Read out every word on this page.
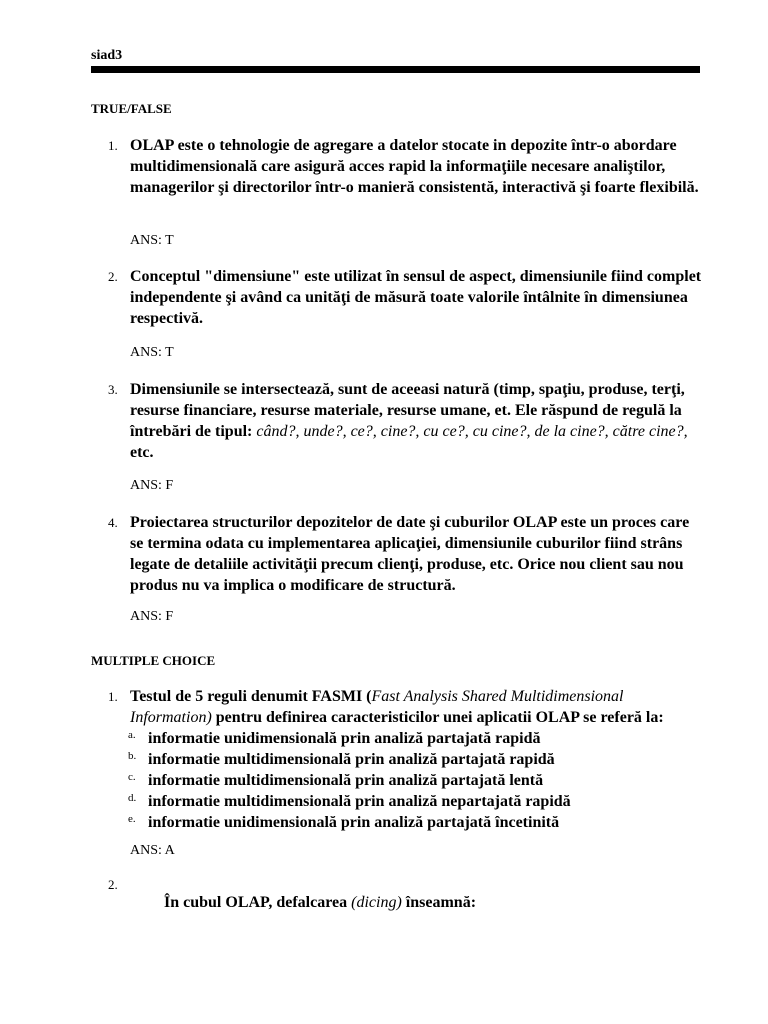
siad3
TRUE/FALSE
1. OLAP este o tehnologie de agregare a datelor stocate in depozite într-o abordare multidimensională care asigură acces rapid la informaţiile necesare analiştilor, managerilor şi directorilor într-o manieră consistentă, interactivă şi foarte flexibilă.
ANS: T
2. Conceptul "dimensiune" este utilizat în sensul de aspect, dimensiunile fiind complet independente şi având ca unităţi de măsură toate valorile întâlnite în dimensiunea respectivă.
ANS: T
3. Dimensiunile se intersectează, sunt de aceeasi natură (timp, spaţiu, produse, terţi, resurse financiare, resurse materiale, resurse umane, et. Ele răspund de regulă la întrebări de tipul: când?, unde?, ce?, cine?, cu ce?, cu cine?, de la cine?, către cine?, etc.
ANS: F
4. Proiectarea structurilor depozitelor de date şi cuburilor OLAP este un proces care se termina odata cu implementarea aplicaţiei, dimensiunile cuburilor fiind strâns legate de detaliile activităţii precum clienţi, produse, etc. Orice nou client sau nou produs nu va implica o modificare de structură.
ANS: F
MULTIPLE CHOICE
1. Testul de 5 reguli denumit FASMI (Fast Analysis Shared Multidimensional Information) pentru definirea caracteristicilor unei aplicatii OLAP se referă la:
a. informatie unidimensională prin analiză partajată rapidă
b. informatie multidimensională prin analiză partajată rapidă
c. informatie multidimensională prin analiză partajată lentă
d. informatie multidimensională prin analiză nepartajată rapidă
e. informatie unidimensională prin analiză partajată încetinită
ANS: A
2.
În cubul OLAP, defalcarea (dicing) înseamnă:
